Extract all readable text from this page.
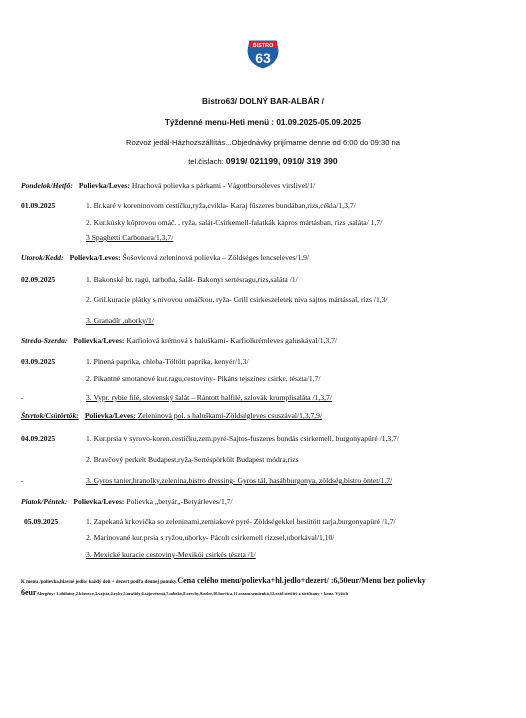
BISTRO
63
Bistro63/ DOLNÝ BAR-ALBÁR /
Týždenné menu-Heti menü : 01.09.2025-05.09.2025
Rozvoz jedál-Házhozszállítás...Objednávky prijímame denne od 6:00 do 09:30 na
tel.čislach: 0919/ 021199, 0910/ 319 390
Pondelok/Hetfő: Polievka/Leves: Hrachová polievka s párkami - Vágottborsóleves virslivel/1/
01.09.2025	1. Br.karé v koreninovom cestíčku,ryža,cvikla- Karaj fűszeres bundában,rizs,cékla/1,3,7/
2. Kur.kúsky kôprovou omáč. , ryža, salát-Csirkemell-falatkák kapros mártásban, rizs ,saláta/ 1,7/
3 Spaghetti Carbonara/1,3,7/
Utorok/Kedd: Polievka/Leves: Šošovicová zeleninová polievka – Zöldséges lencseleves/1,9/
02.09.2025	1. Bakonské br. ragú, tarhoňa, šalát- Bakonyi sertésragu,rizs,saláta /1/
2. Gril.kuracie plátky s nivovou omáčkou, ryža- Grill csirkeszeletek niva sajtos mártással, rizs /1,3/
3. Granadír ,uhorky/1/
Streda-Szerda: Polievka/Leves: Karfiolová krémová s haluškami- Karfiolkrémleves galuskával/1,3,7/
03.09.2025	1. Plnená paprika, chleba-Töltött paprika, kenyér/1,3/
2. Pikantné smotanové kur.ragu,cestoviny- Pikáns tejszínes csirke, tészta/1,7/
3. Vypr. rybie filé, slovenský šalát – Rántott halfilé, szlovák krumplisaláta /1,3,7/
-
Štvrtok/Csütörtök: Polievka/Leves: Zeleninová pol. s haluškami-Zöldségleves csuszával/1,3,7,9/
04.09.2025	1. Kur.prsia v syrovo-koren.cestíčku,zem.pyré-Sajtos-fuszeres bundás csirkemell, burgonyapüré /1,3,7/
2. Bravčový perkelt Budapest,ryža-Sertéspörkölt Budapest módra,rizs
3. Gyros tanier,hranolky,zelenina,bistro dressing- Gyros tál, hasábburgonya, zöldség,bistro öntet/1,7/
-
Piatok/Péntek: Polievka/Leves: Polievka „betyár„-Betyárleves/1,7/
05.09.2025	1. Zapekaná krkovička so zeleninami,zemiakové pyré- Zöldségekkel besütött tarja,burgonyapüré /1,7/
2. Marinované kur.prsia s ryžou,uhorky- Pácolt csirkemell rizzsel,uborkával/1,10/
3. Mexické kuracie cestoviny-Mexikói csirkés tészta /1/
K menu /polievka,hlavné jedlo/ každý deň + dezert podľa dennej ponuky.Cena celého menu/polievka+hl.jedlo+dezert/ :6,50eur/Menu bez polievky
6eurAlergény: 1.obilniny,2.kôrovce,3.vajcia,4.ryby,5.arašidy,6.sójovézrná,7.mlieko,8.orechy,9.zeler,10.horčica,11.sezam.semienká,12.oxid siričitý a siričitany + konz. Výšich
